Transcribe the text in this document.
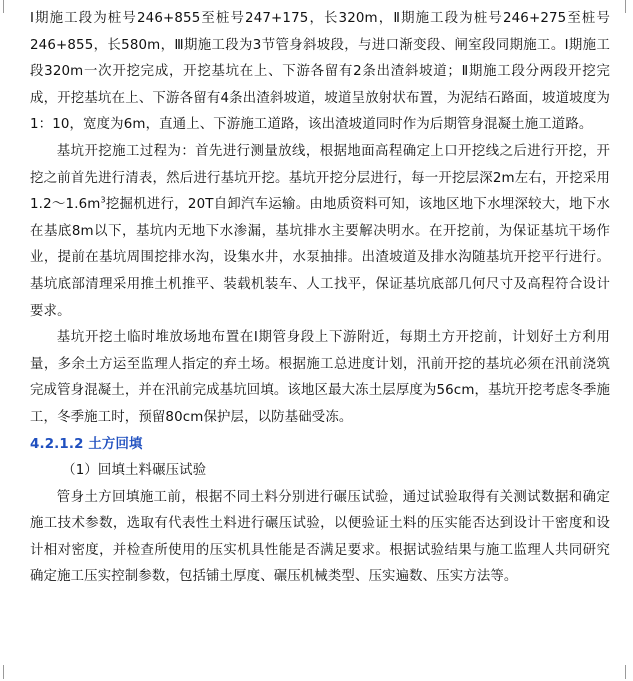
Ⅰ期施工段为桩号246+855至桩号247+175，长320m，Ⅱ期施工段为桩号246+275至桩号246+855，长580m，Ⅲ期施工段为3节管身斜坡段，与进口渐变段、闸室段同期施工。Ⅰ期施工段320m一次开挖完成，开挖基坑在上、下游各留有2条出渣斜坡道；Ⅱ期施工段分两段开挖完成，开挖基坑在上、下游各留有4条出渣斜坡道，坡道呈放射状布置，为泥结石路面，坡道坡度为1：10，宽度为6m，直通上、下游施工道路，该出渣坡道同时作为后期管身混凝土施工道路。

基坑开挖施工过程为：首先进行测量放线，根据地面高程确定上口开挖线之后进行开挖，开挖之前首先进行清表，然后进行基坑开挖。基坑开挖分层进行，每一开挖层深2m左右，开挖采用$1.2\sim 1.6m^3$挖掘机进行，20T自卸汽车运输。由地质资料可知，该地区地下水埋深较大，地下水在基底8m以下，基坑内无地下水渗漏，基坑排水主要解决明水。在开挖前，为保证基坑干场作业，提前在基坑周围挖排水沟，设集水井，水泵抽排。出渣坡道及排水沟随基坑开挖平行进行。基坑底部清理采用推土机推平、装载机装车、人工找平，保证基坑底部几何尺寸及高程符合设计要求。

基坑开挖土临时堆放场地布置在Ⅰ期管身段上下游附近，每期土方开挖前，计划好土方利用量，多余土方运至监理人指定的弃土场。根据施工总进度计划，汛前开挖的基坑必须在汛前浇筑完成管身混凝土，并在汛前完成基坑回填。该地区最大冻土层厚度为56cm，基坑开挖考虑冬季施工，冬季施工时，预留80cm保护层，以防基础受冻。

4.2.1.2 土方回填

（1）回填土料碾压试验

管身土方回填施工前，根据不同土料分别进行碾压试验，通过试验取得有关测试数据和确定施工技术参数，选取有代表性土料进行碾压试验，以便验证土料的压实能否达到设计干密度和设计相对密度，并检查所使用的压实机具性能是否满足要求。根据试验结果与施工监理人共同研究确定施工压实控制参数，包括铺土厚度、碾压机械类型、压实遍数、压实方法等。
